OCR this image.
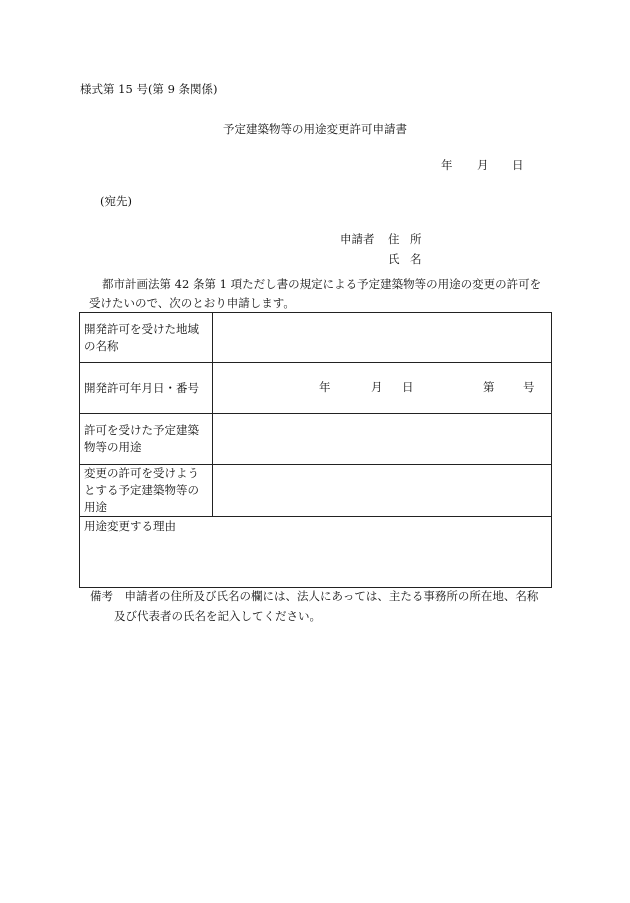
様式第 15 号(第 9 条関係)
予定建築物等の用途変更許可申請書
年 月 日
(宛先)
申請者 住 所
氏 名
都市計画法第 42 条第 1 項ただし書の規定による予定建築物等の用途の変更の許可を
受けたいので、次のとおり申請します。
開発許可を受けた地域
の名称	

開発許可年月日・番号	年 月 日 第 号

許可を受けた予定建築
物等の用途	

変更の許可を受けよう
とする予定建築物等の
用途	

用途変更する理由	
備考　申請者の住所及び氏名の欄には、法人にあっては、主たる事務所の所在地、名称
及び代表者の氏名を記入してください。
